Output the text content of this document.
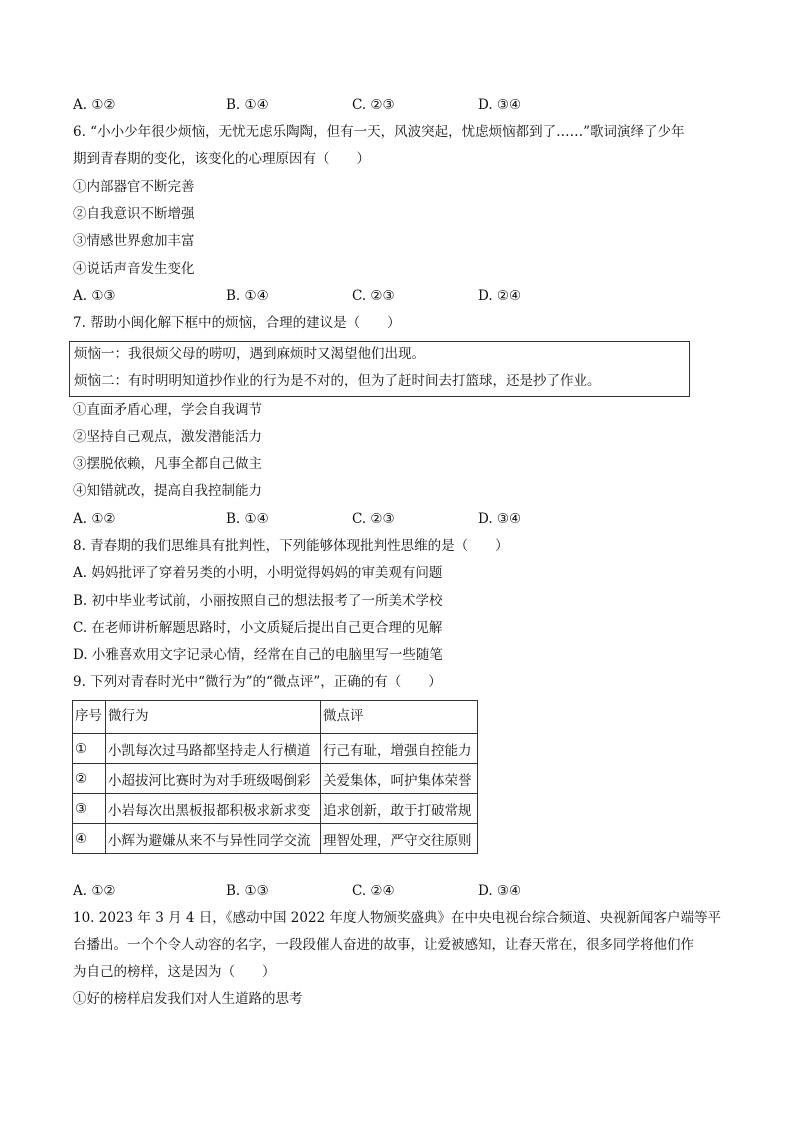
A. ①②	B. ①④	C. ②③	D. ③④
6. “小小少年很少烦恼，无忧无虑乐陶陶，但有一天，风波突起，忧虑烦恼都到了……”歌词演绎了少年
期到青春期的变化，该变化的心理原因有（　　）
①内部器官不断完善
②自我意识不断增强
③情感世界愈加丰富
④说话声音发生变化
A. ①③	B. ①④	C. ②③	D. ②④
7. 帮助小闽化解下框中的烦恼，合理的建议是（　　）
烦恼一：我很烦父母的唠叨，遇到麻烦时又渴望他们出现。
烦恼二：有时明明知道抄作业的行为是不对的，但为了赶时间去打篮球，还是抄了作业。
①直面矛盾心理，学会自我调节
②坚持自己观点，激发潜能活力
③摆脱依赖，凡事全都自己做主
④知错就改，提高自我控制能力
A. ①②	B. ①④	C. ②③	D. ③④
8. 青春期的我们思维具有批判性，下列能够体现批判性思维的是（　　）
A. 妈妈批评了穿着另类的小明，小明觉得妈妈的审美观有问题
B. 初中毕业考试前，小丽按照自己的想法报考了一所美术学校
C. 在老师讲析解题思路时，小文质疑后提出自己更合理的见解
D. 小雅喜欢用文字记录心情，经常在自己的电脑里写一些随笔
9. 下列对青春时光中“微行为”的“微点评”，正确的有（　　）
序号	微行为	微点评
①	小凯每次过马路都坚持走人行横道	行己有耻，增强自控能力
②	小超拔河比赛时为对手班级喝倒彩	关爱集体，呵护集体荣誉
③	小岩每次出黑板报都积极求新求变	追求创新，敢于打破常规
④	小辉为避嫌从来不与异性同学交流	理智处理，严守交往原则
A. ①②	B. ①③	C. ②④	D. ③④
10. 2023 年 3 月 4 日，《感动中国 2022 年度人物颁奖盛典》在中央电视台综合频道、央视新闻客户端等平
台播出。一个个令人动容的名字，一段段催人奋进的故事，让爱被感知，让春天常在，很多同学将他们作
为自己的榜样，这是因为（　　）
①好的榜样启发我们对人生道路的思考
